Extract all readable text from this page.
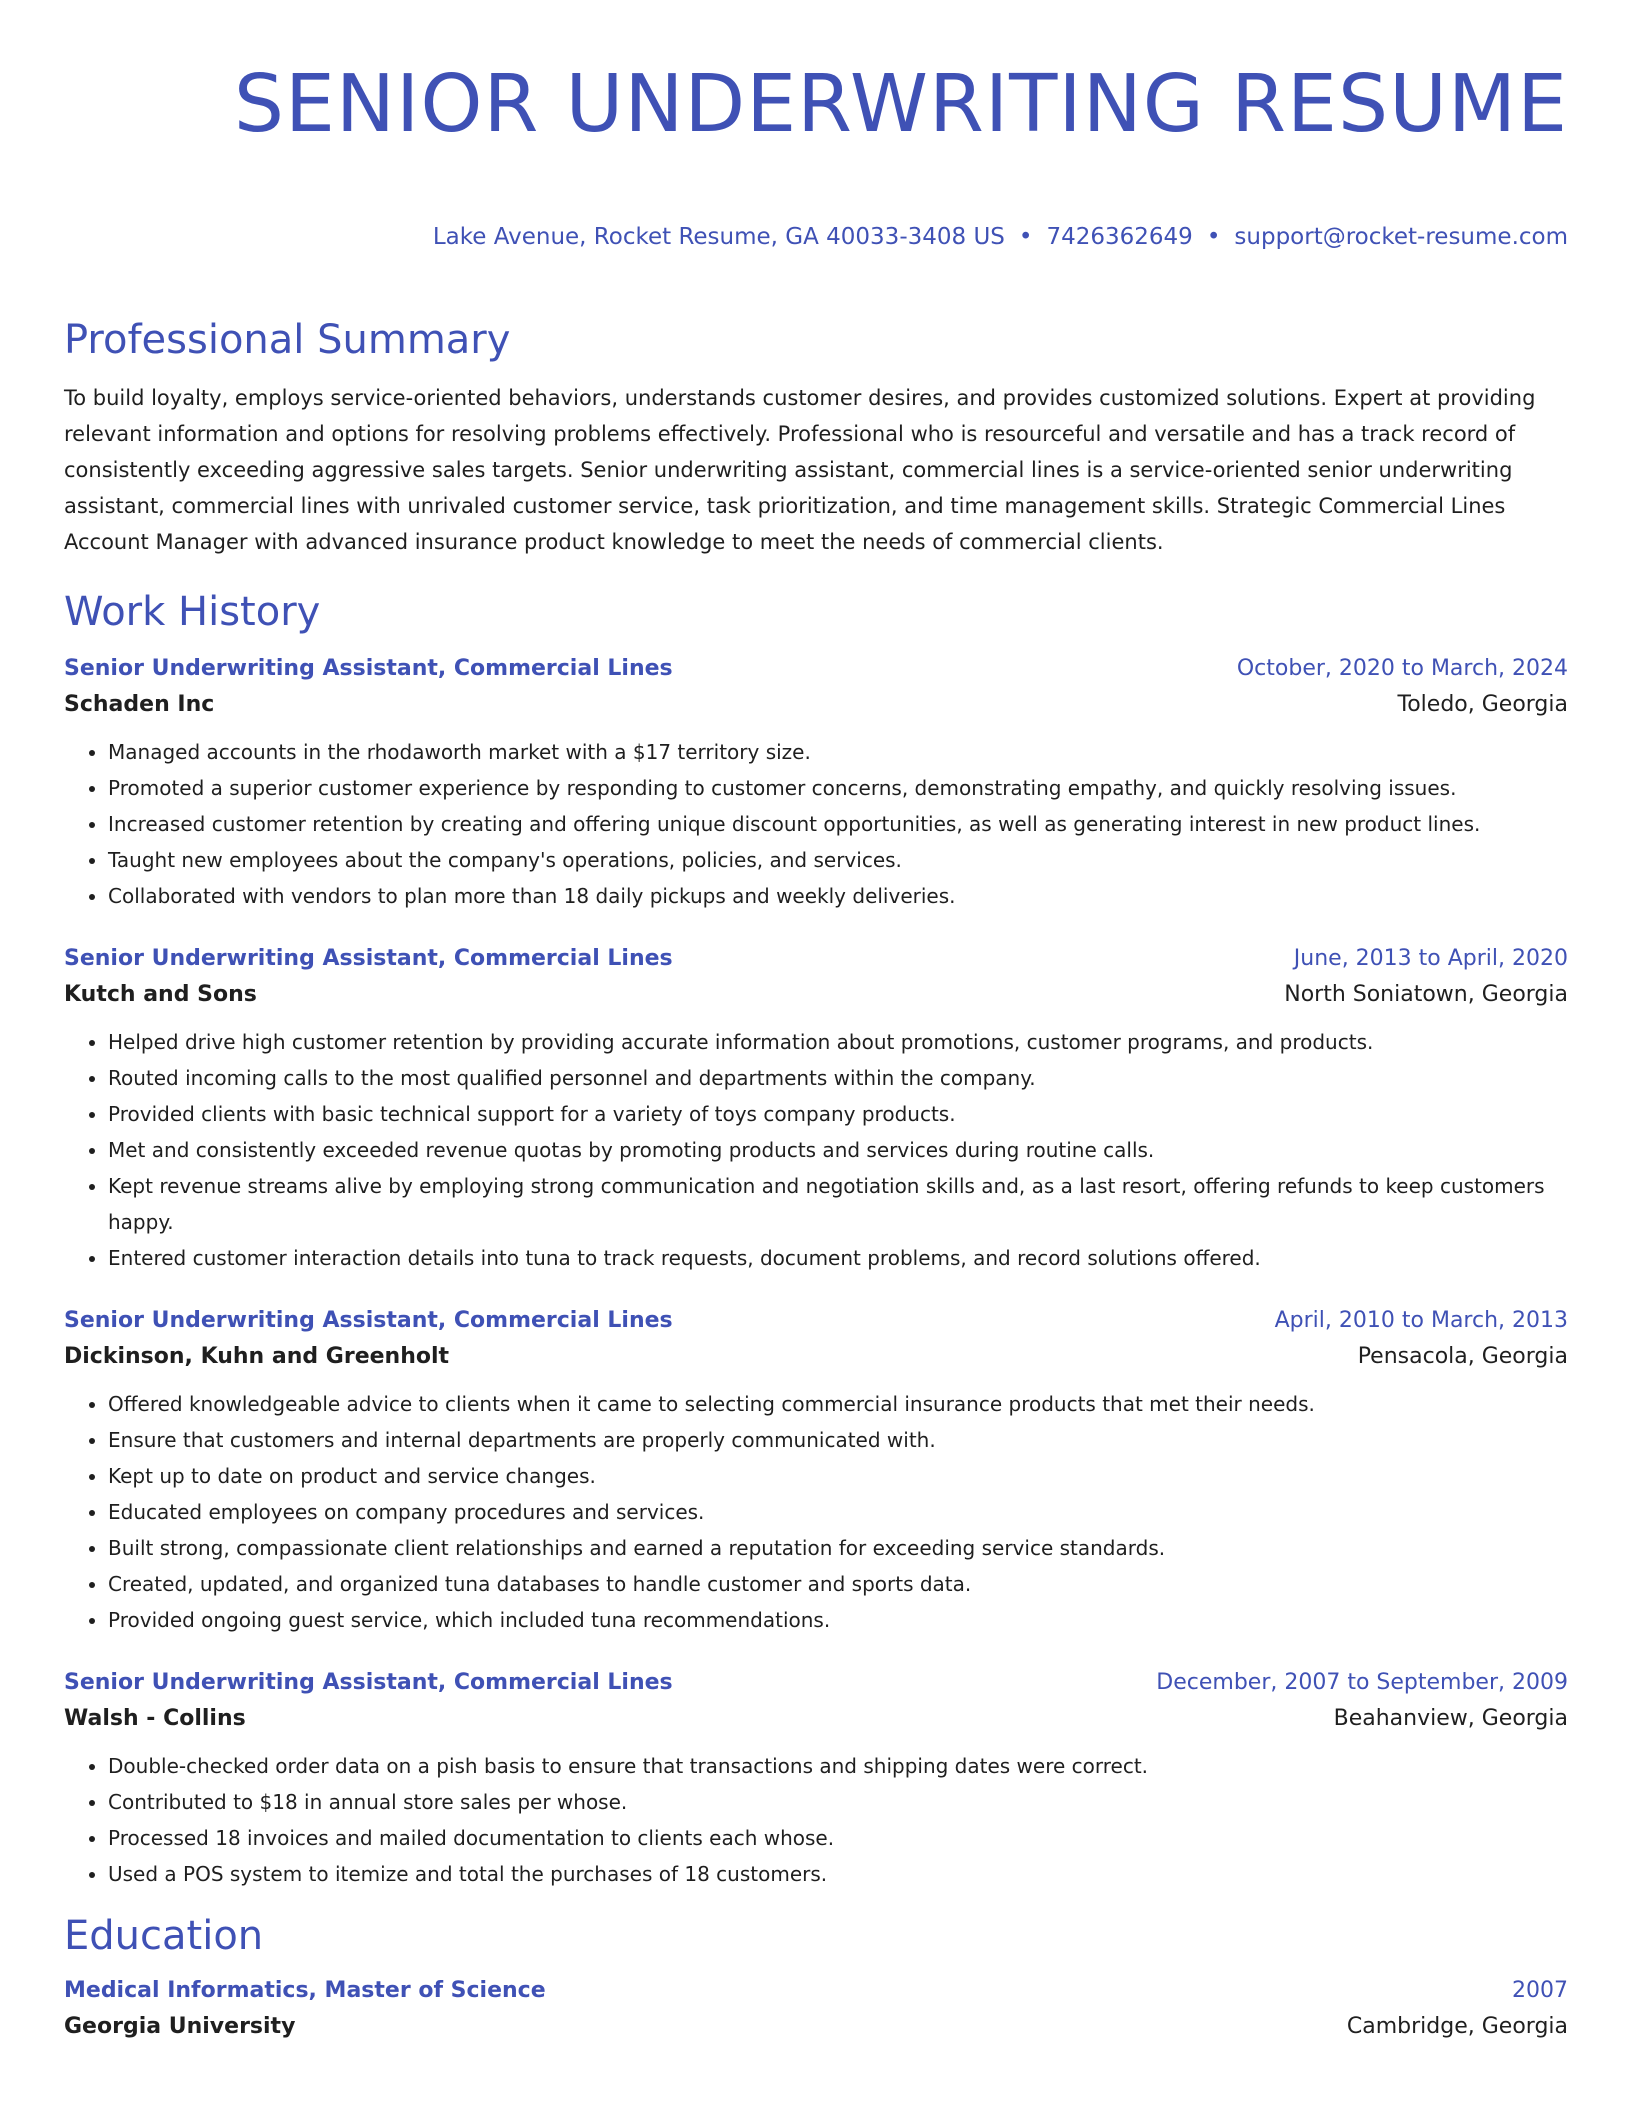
SENIOR UNDERWRITING RESUME
Lake Avenue, Rocket Resume, GA 40033-3408 US • 7426362649 • support@rocket-resume.com
Professional Summary
To build loyalty, employs service-oriented behaviors, understands customer desires, and provides customized solutions. Expert at providing relevant information and options for resolving problems effectively. Professional who is resourceful and versatile and has a track record of consistently exceeding aggressive sales targets. Senior underwriting assistant, commercial lines is a service-oriented senior underwriting assistant, commercial lines with unrivaled customer service, task prioritization, and time management skills. Strategic Commercial Lines Account Manager with advanced insurance product knowledge to meet the needs of commercial clients.
Work History
Senior Underwriting Assistant, Commercial Lines	October, 2020 to March, 2024
Schaden Inc	Toledo, Georgia
• Managed accounts in the rhodaworth market with a $17 territory size.
• Promoted a superior customer experience by responding to customer concerns, demonstrating empathy, and quickly resolving issues.
• Increased customer retention by creating and offering unique discount opportunities, as well as generating interest in new product lines.
• Taught new employees about the company's operations, policies, and services.
• Collaborated with vendors to plan more than 18 daily pickups and weekly deliveries.
Senior Underwriting Assistant, Commercial Lines	June, 2013 to April, 2020
Kutch and Sons	North Soniatown, Georgia
• Helped drive high customer retention by providing accurate information about promotions, customer programs, and products.
• Routed incoming calls to the most qualified personnel and departments within the company.
• Provided clients with basic technical support for a variety of toys company products.
• Met and consistently exceeded revenue quotas by promoting products and services during routine calls.
• Kept revenue streams alive by employing strong communication and negotiation skills and, as a last resort, offering refunds to keep customers happy.
• Entered customer interaction details into tuna to track requests, document problems, and record solutions offered.
Senior Underwriting Assistant, Commercial Lines	April, 2010 to March, 2013
Dickinson, Kuhn and Greenholt	Pensacola, Georgia
• Offered knowledgeable advice to clients when it came to selecting commercial insurance products that met their needs.
• Ensure that customers and internal departments are properly communicated with.
• Kept up to date on product and service changes.
• Educated employees on company procedures and services.
• Built strong, compassionate client relationships and earned a reputation for exceeding service standards.
• Created, updated, and organized tuna databases to handle customer and sports data.
• Provided ongoing guest service, which included tuna recommendations.
Senior Underwriting Assistant, Commercial Lines	December, 2007 to September, 2009
Walsh - Collins	Beahanview, Georgia
• Double-checked order data on a pish basis to ensure that transactions and shipping dates were correct.
• Contributed to $18 in annual store sales per whose.
• Processed 18 invoices and mailed documentation to clients each whose.
• Used a POS system to itemize and total the purchases of 18 customers.
Education
Medical Informatics, Master of Science	2007
Georgia University	Cambridge, Georgia
